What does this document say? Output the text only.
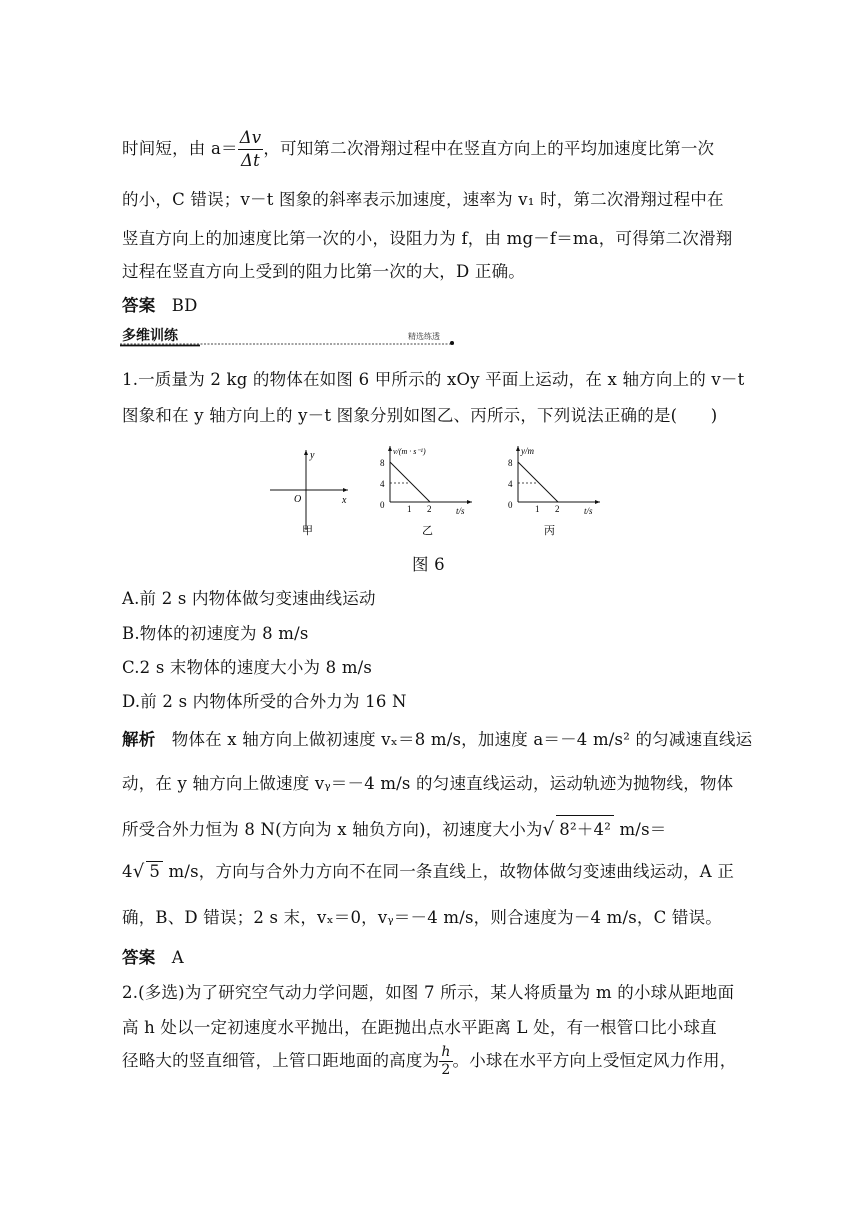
时间短，由 $a= \frac{\Delta v}{\Delta t}$ ，可知第二次滑翔过程中在竖直方向上的平均加速度比第一次
的小，C 错误；v－t 图象的斜率表示加速度，速率为 v₁ 时，第二次滑翔过程中在
竖直方向上的加速度比第一次的小，设阻力为 f，由 mg－f＝ma，可得第二次滑翔
过程在竖直方向上受到的阻力比第一次的大，D 正确。
答案 BD
多维训练	精选练透
1.一质量为 2 kg 的物体在如图 6 甲所示的 xOy 平面上运动，在 x 轴方向上的 v－t
图象和在 y 轴方向上的 y－t 图象分别如图乙、丙所示，下列说法正确的是(　　)
y
x
O
甲
v/(m · s⁻¹)
8
4
0	1 2	t/s
乙
y/m
8
4
0	1 2	t/s
丙
图 6
A.前 2 s 内物体做匀变速曲线运动
B.物体的初速度为 8 m/s
C.2 s 末物体的速度大小为 8 m/s
D.前 2 s 内物体所受的合外力为 16 N
解析 物体在 x 轴方向上做初速度 vₓ＝8 m/s，加速度 a＝－4 m/s² 的匀减速直线运
动，在 y 轴方向上做速度 vᵧ＝－4 m/s 的匀速直线运动，运动轨迹为抛物线，物体
所受合外力恒为 8 N(方向为 x 轴负方向)，初速度大小为√ 8²＋4² m/s＝
4√ 5 m/s，方向与合外力方向不在同一条直线上，故物体做匀变速曲线运动，A 正
确，B、D 错误；2 s 末，vₓ＝0，vᵧ＝－4 m/s，则合速度为－4 m/s，C 错误。
答案 A
2.(多选)为了研究空气动力学问题，如图 7 所示，某人将质量为 m 的小球从距地面
高 h 处以一定初速度水平抛出，在距抛出点水平距离 L 处，有一根管口比小球直
径略大的竖直细管，上管口距地面的高度为 $\frac{h}{2}$ 。小球在水平方向上受恒定风力作用，
